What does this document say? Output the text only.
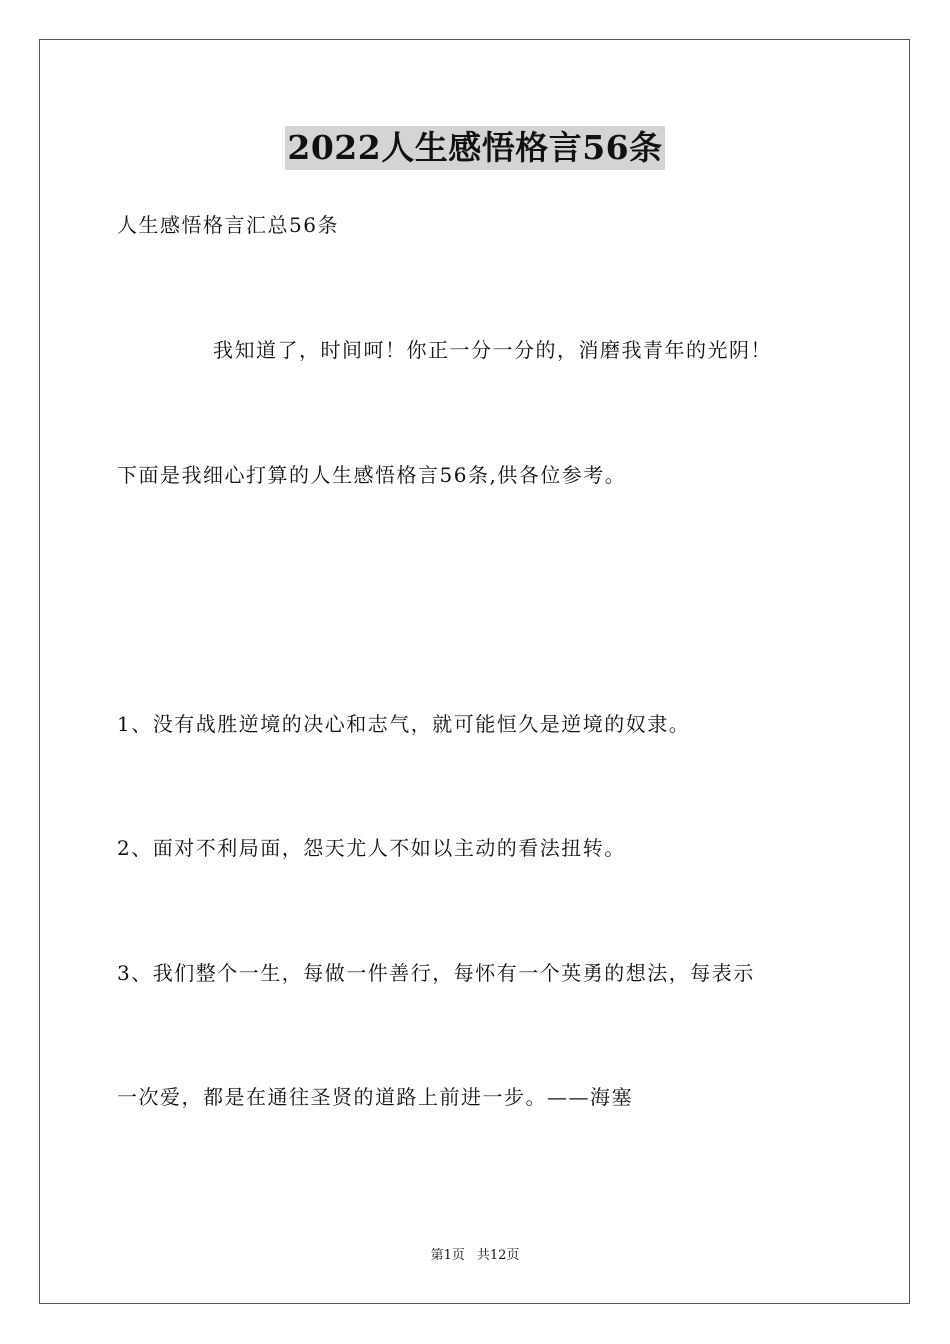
2022人生感悟格言56条
人生感悟格言汇总56条
我知道了，时间呵！你正一分一分的，消磨我青年的光阴！
下面是我细心打算的人生感悟格言56条,供各位参考。
1、没有战胜逆境的决心和志气，就可能恒久是逆境的奴隶。
2、面对不利局面，怨天尤人不如以主动的看法扭转。
3、我们整个一生，每做一件善行，每怀有一个英勇的想法，每表示
一次爱，都是在通往圣贤的道路上前进一步。——海塞
第1页 共12页
